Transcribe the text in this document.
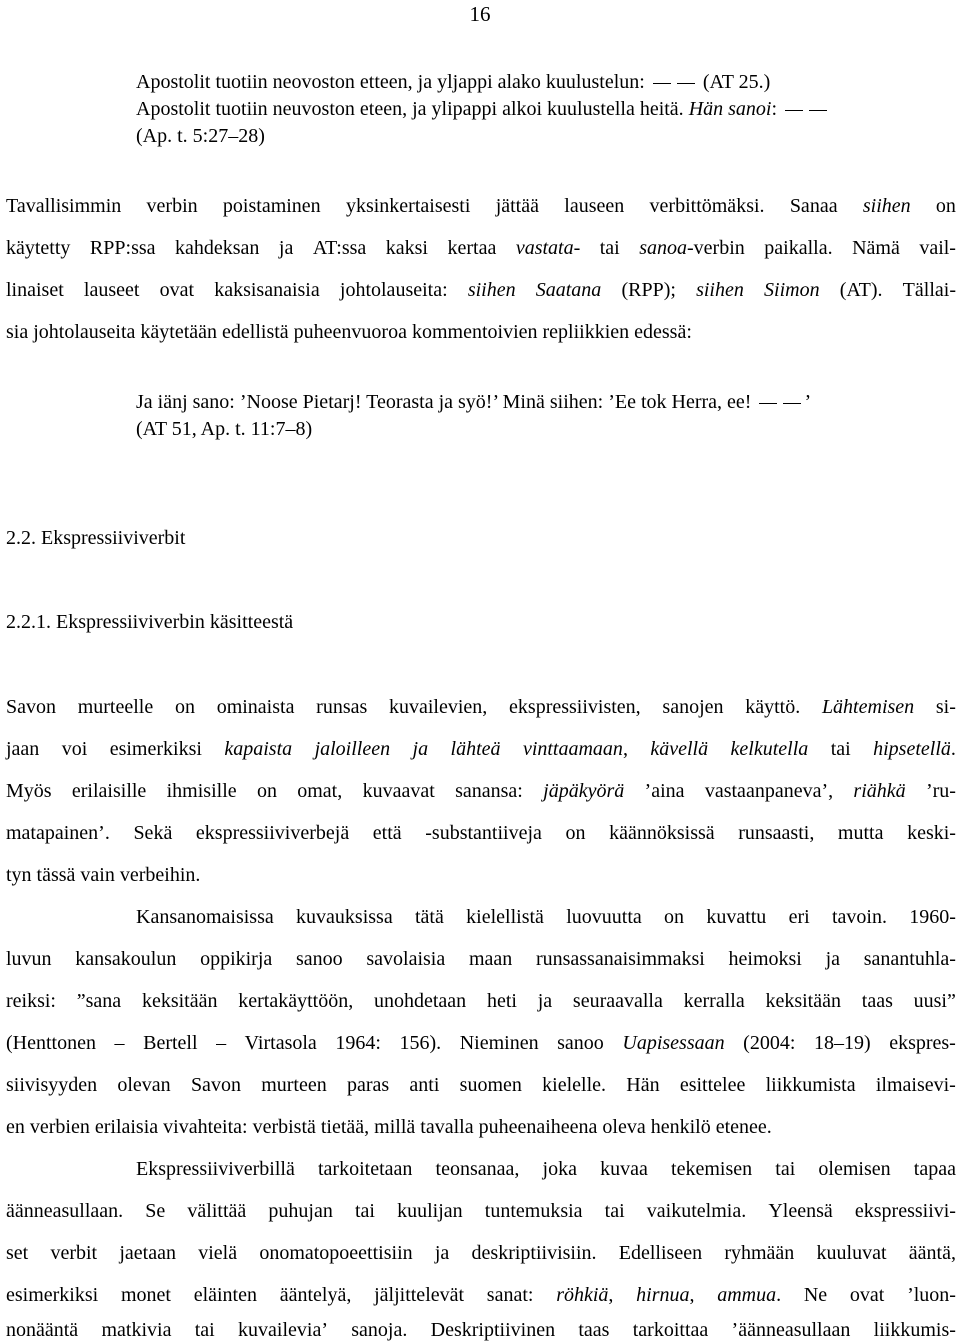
16
Apostolit tuotiin neovoston etteen, ja yljappi alako kuulustelun:  (AT 25.)
Apostolit tuotiin neuvoston eteen, ja ylipappi alkoi kuulustella heitä. Hän sanoi:
(Ap. t. 5:27–28)
Tavallisimmin verbin poistaminen yksinkertaisesti jättää lauseen verbittömäksi. Sanaa siihen on
käytetty RPP:ssa kahdeksan ja AT:ssa kaksi kertaa vastata- tai sanoa-verbin paikalla. Nämä vail-
linaiset lauseet ovat kaksisanaisia johtolauseita: siihen Saatana (RPP); siihen Siimon (AT). Tällai-
sia johtolauseita käytetään edellistä puheenvuoroa kommentoivien repliikkien edessä:
Ja iänj sano: ’Noose Pietarj! Teorasta ja syö!’ Minä siihen: ’Ee tok Herra, ee! ’
(AT 51, Ap. t. 11:7–8)
2.2. Ekspressiiviverbit
2.2.1. Ekspressiiviverbin käsitteestä
Savon murteelle on ominaista runsas kuvailevien, ekspressiivisten, sanojen käyttö. Lähtemisen si-
jaan voi esimerkiksi kapaista jaloilleen ja lähteä vinttaamaan, kävellä kelkutella tai hipsetellä.
Myös erilaisille ihmisille on omat, kuvaavat sanansa: jäpäkyörä ’aina vastaanpaneva’, riähkä ’ru-
matapainen’. Sekä ekspressiiviverbejä että -substantiiveja on käännöksissä runsaasti, mutta keski-
tyn tässä vain verbeihin.
Kansanomaisissa kuvauksissa tätä kielellistä luovuutta on kuvattu eri tavoin. 1960-
luvun kansakoulun oppikirja sanoo savolaisia maan runsassanaisimmaksi heimoksi ja sanantuhla-
reiksi: ”sana keksitään kertakäyttöön, unohdetaan heti ja seuraavalla kerralla keksitään taas uusi”
(Henttonen – Bertell – Virtasola 1964: 156). Nieminen sanoo Uapisessaan (2004: 18–19) ekspres-
siivisyyden olevan Savon murteen paras anti suomen kielelle. Hän esittelee liikkumista ilmaisevi-
en verbien erilaisia vivahteita: verbistä tietää, millä tavalla puheenaiheena oleva henkilö etenee.
Ekspressiiviverbillä tarkoitetaan teonsanaa, joka kuvaa tekemisen tai olemisen tapaa
äänneasullaan. Se välittää puhujan tai kuulijan tuntemuksia tai vaikutelmia. Yleensä ekspressiivi-
set verbit jaetaan vielä onomatopoeettisiin ja deskriptiivisiin. Edelliseen ryhmään kuuluvat ääntä,
esimerkiksi monet eläinten ääntelyä, jäljittelevät sanat: röhkiä, hirnua, ammua. Ne ovat ’luon-
nonääntä matkivia tai kuvailevia’ sanoja. Deskriptiivinen taas tarkoittaa ’äänneasullaan liikkumis-
